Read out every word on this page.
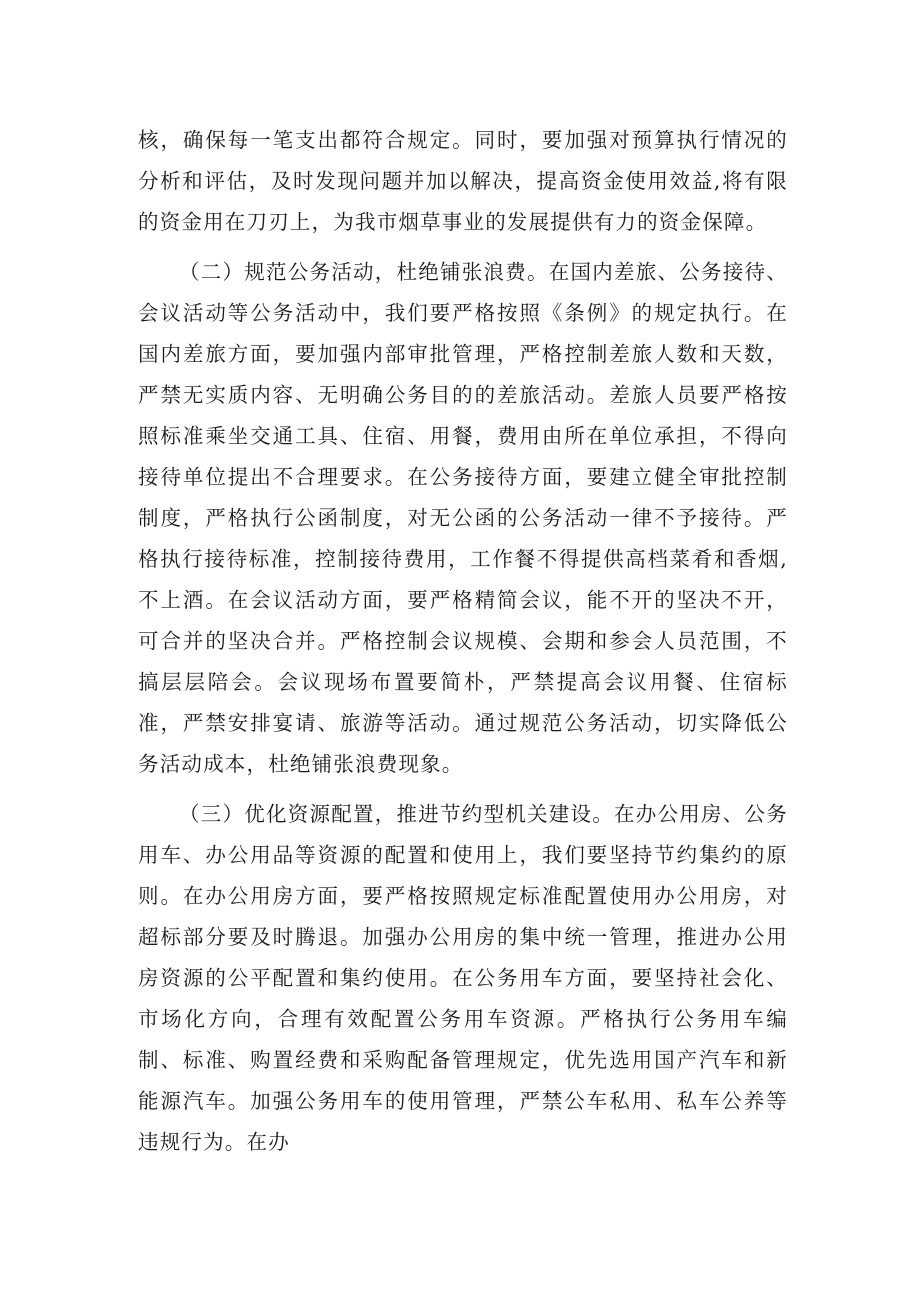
核，确保每一笔支出都符合规定。同时，要加强对预算执行情况的分析和评估，及时发现问题并加以解决，提高资金使用效益,将有限的资金用在刀刃上，为我市烟草事业的发展提供有力的资金保障。

（二）规范公务活动，杜绝铺张浪费。在国内差旅、公务接待、会议活动等公务活动中，我们要严格按照《条例》的规定执行。在国内差旅方面，要加强内部审批管理，严格控制差旅人数和天数，严禁无实质内容、无明确公务目的的差旅活动。差旅人员要严格按照标准乘坐交通工具、住宿、用餐，费用由所在单位承担，不得向接待单位提出不合理要求。在公务接待方面，要建立健全审批控制制度，严格执行公函制度，对无公函的公务活动一律不予接待。严格执行接待标准，控制接待费用，工作餐不得提供高档菜肴和香烟,不上酒。在会议活动方面，要严格精简会议，能不开的坚决不开，可合并的坚决合并。严格控制会议规模、会期和参会人员范围，不搞层层陪会。会议现场布置要简朴，严禁提高会议用餐、住宿标准，严禁安排宴请、旅游等活动。通过规范公务活动，切实降低公务活动成本，杜绝铺张浪费现象。

（三）优化资源配置，推进节约型机关建设。在办公用房、公务用车、办公用品等资源的配置和使用上，我们要坚持节约集约的原则。在办公用房方面，要严格按照规定标准配置使用办公用房，对超标部分要及时腾退。加强办公用房的集中统一管理，推进办公用房资源的公平配置和集约使用。在公务用车方面，要坚持社会化、市场化方向，合理有效配置公务用车资源。严格执行公务用车编制、标准、购置经费和采购配备管理规定，优先选用国产汽车和新能源汽车。加强公务用车的使用管理，严禁公车私用、私车公养等违规行为。在办
